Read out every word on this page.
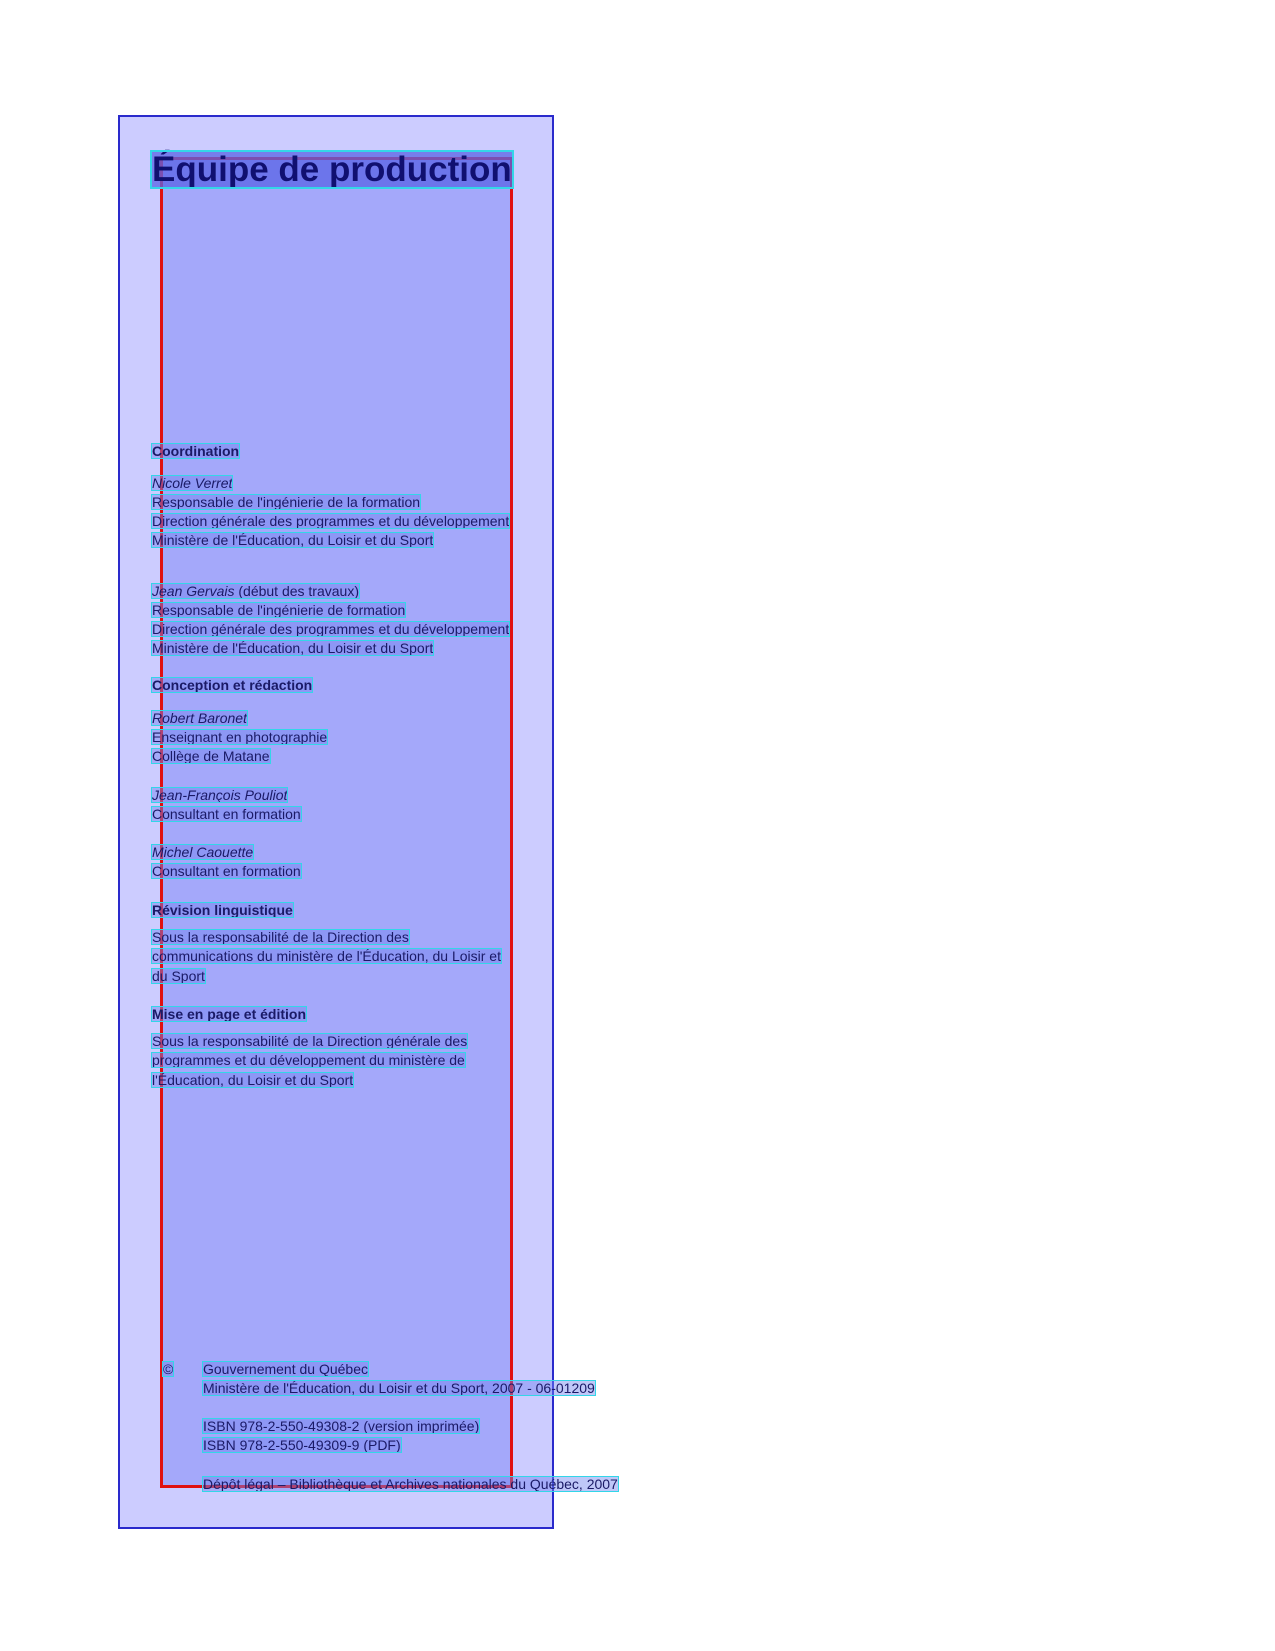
Équipe de production
Coordination
Nicole Verret
Responsable de l'ingénierie de la formation
Direction générale des programmes et du développement
Ministère de l'Éducation, du Loisir et du Sport
Jean Gervais (début des travaux)
Responsable de l'ingénierie de formation
Direction générale des programmes et du développement
Ministère de l'Éducation, du Loisir et du Sport
Conception et rédaction
Robert Baronet
Enseignant en photographie
Collège de Matane
Jean-François Pouliot
Consultant en formation
Michel Caouette
Consultant en formation
Révision linguistique
Sous la responsabilité de la Direction des
communications du ministère de l'Éducation, du Loisir et
du Sport
Mise en page et édition
Sous la responsabilité de la Direction générale des
programmes et du développement du ministère de
l'Éducation, du Loisir et du Sport
© Gouvernement du Québec
Ministère de l'Éducation, du Loisir et du Sport, 2007 - 06-01209
ISBN 978-2-550-49308-2 (version imprimée)
ISBN 978-2-550-49309-9 (PDF)
Dépôt légal – Bibliothèque et Archives nationales du Québec, 2007
